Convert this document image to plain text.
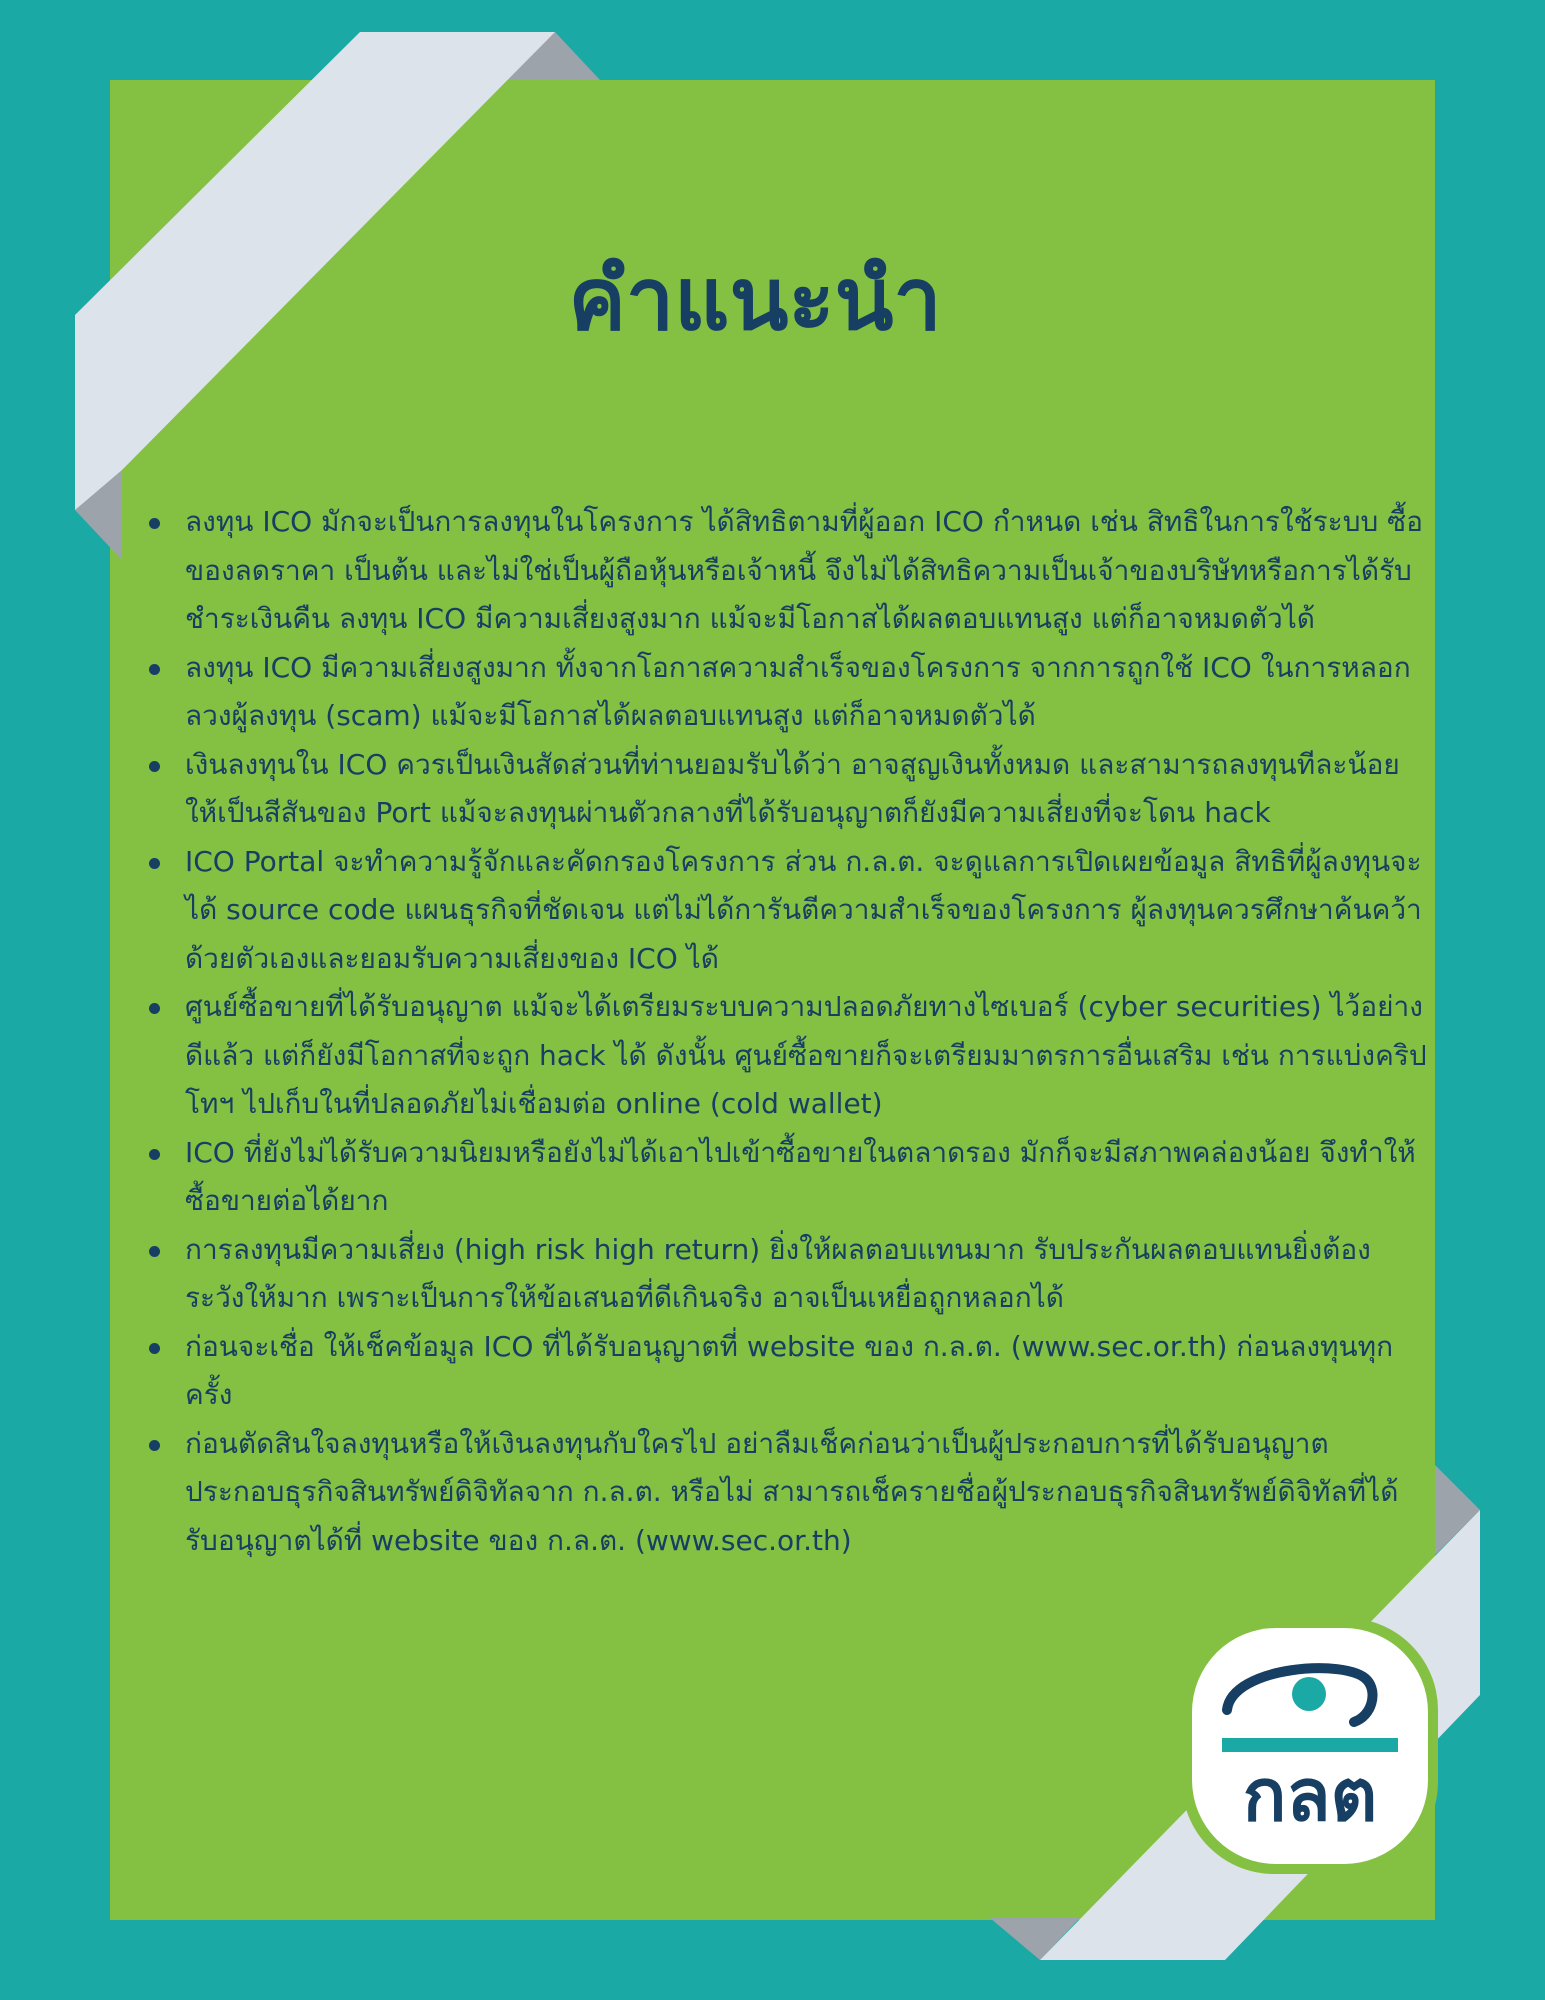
คำแนะนำ
ลงทุน ICO มักจะเป็นการลงทุนในโครงการ ได้สิทธิตามที่ผู้ออก ICO กำหนด เช่น สิทธิในการใช้ระบบ ซื้อของลดราคา เป็นต้น และไม่ใช่เป็นผู้ถือหุ้นหรือเจ้าหนี้ จึงไม่ได้สิทธิความเป็นเจ้าของบริษัทหรือการได้รับชำระเงินคืน ลงทุน ICO มีความเสี่ยงสูงมาก แม้จะมีโอกาสได้ผลตอบแทนสูง แต่ก็อาจหมดตัวได้
ลงทุน ICO มีความเสี่ยงสูงมาก ทั้งจากโอกาสความสำเร็จของโครงการ จากการถูกใช้ ICO ในการหลอกลวงผู้ลงทุน (scam) แม้จะมีโอกาสได้ผลตอบแทนสูง แต่ก็อาจหมดตัวได้
เงินลงทุนใน ICO ควรเป็นเงินสัดส่วนที่ท่านยอมรับได้ว่า อาจสูญเงินทั้งหมด และสามารถลงทุนทีละน้อยให้เป็นสีสันของ Port แม้จะลงทุนผ่านตัวกลางที่ได้รับอนุญาตก็ยังมีความเสี่ยงที่จะโดน hack
ICO Portal จะทำความรู้จักและคัดกรองโครงการ ส่วน ก.ล.ต. จะดูแลการเปิดเผยข้อมูล สิทธิที่ผู้ลงทุนจะได้ source code แผนธุรกิจที่ชัดเจน แต่ไม่ได้การันตีความสำเร็จของโครงการ ผู้ลงทุนควรศึกษาค้นคว้าด้วยตัวเองและยอมรับความเสี่ยงของ ICO ได้
ศูนย์ซื้อขายที่ได้รับอนุญาต แม้จะได้เตรียมระบบความปลอดภัยทางไซเบอร์ (cyber securities) ไว้อย่างดีแล้ว แต่ก็ยังมีโอกาสที่จะถูก hack ได้ ดังนั้น ศูนย์ซื้อขายก็จะเตรียมมาตรการอื่นเสริม เช่น การแบ่งคริปโทฯ ไปเก็บในที่ปลอดภัยไม่เชื่อมต่อ online (cold wallet)
ICO ที่ยังไม่ได้รับความนิยมหรือยังไม่ได้เอาไปเข้าซื้อขายในตลาดรอง มักก็จะมีสภาพคล่องน้อย จึงทำให้ซื้อขายต่อได้ยาก
การลงทุนมีความเสี่ยง (high risk high return) ยิ่งให้ผลตอบแทนมาก รับประกันผลตอบแทนยิ่งต้องระวังให้มาก เพราะเป็นการให้ข้อเสนอที่ดีเกินจริง อาจเป็นเหยื่อถูกหลอกได้
ก่อนจะเชื่อ ให้เช็คข้อมูล ICO ที่ได้รับอนุญาตที่ website ของ ก.ล.ต. (www.sec.or.th) ก่อนลงทุนทุกครั้ง
ก่อนตัดสินใจลงทุนหรือให้เงินลงทุนกับใครไป อย่าลืมเช็คก่อนว่าเป็นผู้ประกอบการที่ได้รับอนุญาตประกอบธุรกิจสินทรัพย์ดิจิทัลจาก ก.ล.ต. หรือไม่ สามารถเช็ครายชื่อผู้ประกอบธุรกิจสินทรัพย์ดิจิทัลที่ได้รับอนุญาตได้ที่ website ของ ก.ล.ต. (www.sec.or.th)
กลต
